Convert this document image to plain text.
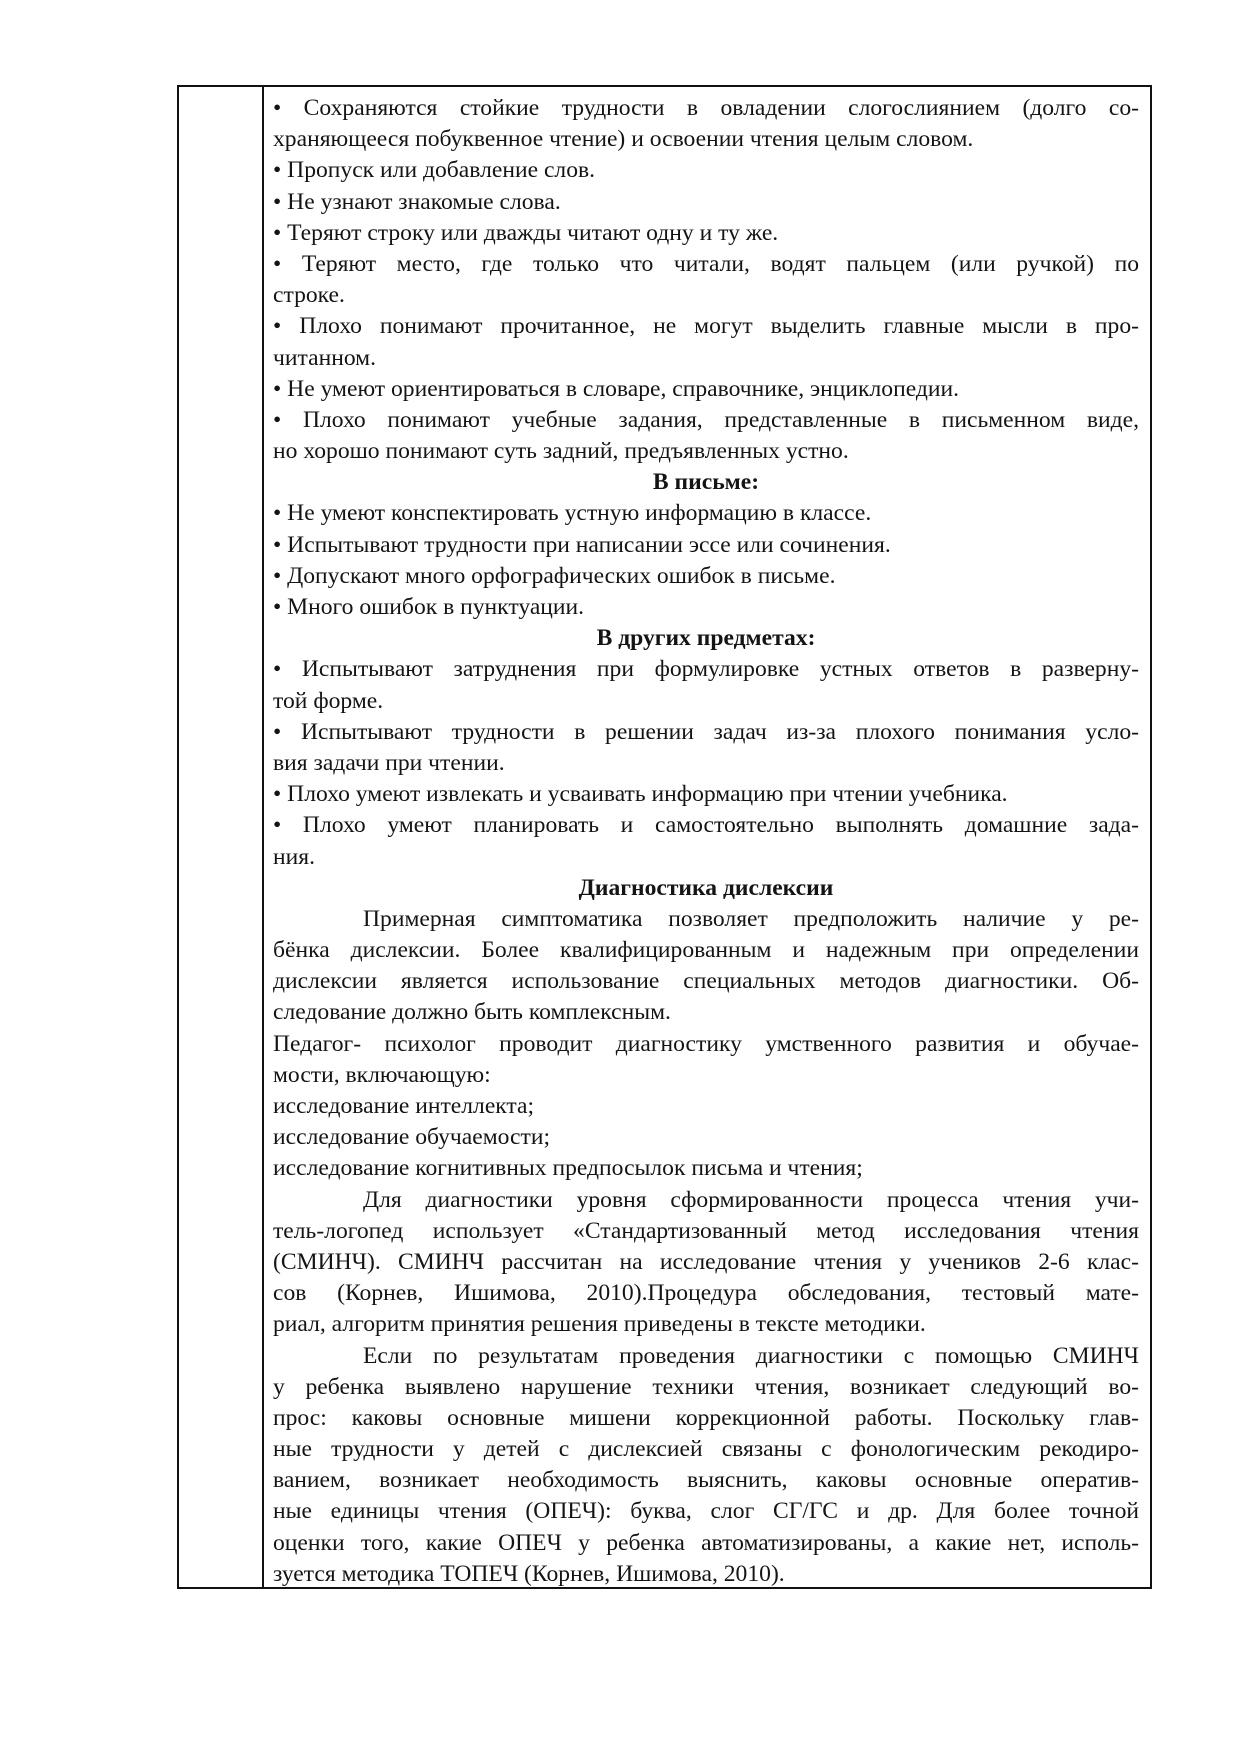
• Сохраняются стойкие трудности в овладении слогослиянием (долго со-
храняющееся побуквенное чтение) и освоении чтения целым словом.
• Пропуск или добавление слов.
• Не узнают знакомые слова.
• Теряют строку или дважды читают одну и ту же.
• Теряют место, где только что читали, водят пальцем (или ручкой) по
строке.
• Плохо понимают прочитанное, не могут выделить главные мысли в про-
читанном.
• Не умеют ориентироваться в словаре, справочнике, энциклопедии.
• Плохо понимают учебные задания, представленные в письменном виде,
но хорошо понимают суть задний, предъявленных устно.
В письме:
• Не умеют конспектировать устную информацию в классе.
• Испытывают трудности при написании эссе или сочинения.
• Допускают много орфографических ошибок в письме.
• Много ошибок в пунктуации.
В других предметах:
• Испытывают затруднения при формулировке устных ответов в разверну-
той форме.
• Испытывают трудности в решении задач из-за плохого понимания усло-
вия задачи при чтении.
• Плохо умеют извлекать и усваивать информацию при чтении учебника.
• Плохо умеют планировать и самостоятельно выполнять домашние зада-
ния.
Диагностика дислексии
Примерная симптоматика позволяет предположить наличие у ре-
бёнка дислексии. Более квалифицированным и надежным при определении
дислексии является использование специальных методов диагностики. Об-
следование должно быть комплексным.
Педагог- психолог проводит диагностику умственного развития и обучае-
мости, включающую:
исследование интеллекта;
исследование обучаемости;
исследование когнитивных предпосылок письма и чтения;
Для диагностики уровня сформированности процесса чтения учи-
тель-логопед использует «Стандартизованный метод исследования чтения
(СМИНЧ). СМИНЧ рассчитан на исследование чтения у учеников 2-6 клас-
сов (Корнев, Ишимова, 2010).Процедура обследования, тестовый мате-
риал, алгоритм принятия решения приведены в тексте методики.
Если по результатам проведения диагностики с помощью СМИНЧ
у ребенка выявлено нарушение техники чтения, возникает следующий во-
прос: каковы основные мишени коррекционной работы. Поскольку глав-
ные трудности у детей с дислексией связаны с фонологическим рекодиро-
ванием, возникает необходимость выяснить, каковы основные оператив-
ные единицы чтения (ОПЕЧ): буква, слог СГ/ГС и др. Для более точной
оценки того, какие ОПЕЧ у ребенка автоматизированы, а какие нет, исполь-
зуется методика ТОПЕЧ (Корнев, Ишимова, 2010).
